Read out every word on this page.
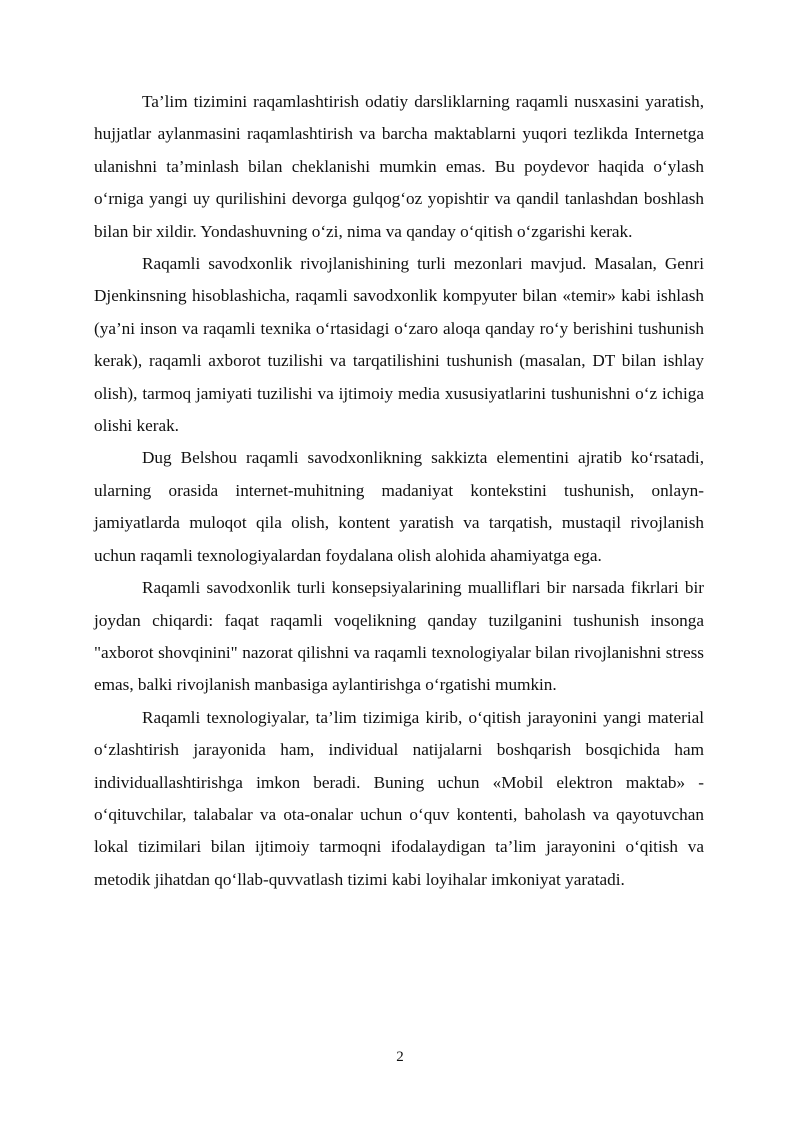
Ta’lim tizimini raqamlashtirish odatiy darsliklarning raqamli nusxasini yaratish, hujjatlar aylanmasini raqamlashtirish va barcha maktablarni yuqori tezlikda Internetga ulanishni ta’minlash bilan cheklanishi mumkin emas. Bu poydevor haqida o‘ylash o‘rniga yangi uy qurilishini devorga gulqog‘oz yopishtir va qandil tanlashdan boshlash bilan bir xildir. Yondashuvning o‘zi, nima va qanday o‘qitish o‘zgarishi kerak.

Raqamli savodxonlik rivojlanishining turli mezonlari mavjud. Masalan, Genri Djenkinsning hisoblashicha, raqamli savodxonlik kompyuter bilan «temir» kabi ishlash (ya’ni inson va raqamli texnika o‘rtasidagi o‘zaro aloqa qanday ro‘y berishini tushunish kerak), raqamli axborot tuzilishi va tarqatilishini tushunish (masalan, DT bilan ishlay olish), tarmoq jamiyati tuzilishi va ijtimoiy media xususiyatlarini tushunishni o‘z ichiga olishi kerak.

Dug Belshou raqamli savodxonlikning sakkizta elementini ajratib ko‘rsatadi, ularning orasida internet-muhitning madaniyat kontekstini tushunish, onlayn-jamiyatlarda muloqot qila olish, kontent yaratish va tarqatish, mustaqil rivojlanish uchun raqamli texnologiyalardan foydalana olish alohida ahamiyatga ega.

Raqamli savodxonlik turli konsepsiyalarining mualliflari bir narsada fikrlari bir joydan chiqardi: faqat raqamli voqelikning qanday tuzilganini tushunish insonga "axborot shovqinini" nazorat qilishni va raqamli texnologiyalar bilan rivojlanishni stress emas, balki rivojlanish manbasiga aylantirishga o‘rgatishi mumkin.

Raqamli texnologiyalar, ta’lim tizimiga kirib, o‘qitish jarayonini yangi material o‘zlashtirish jarayonida ham, individual natijalarni boshqarish bosqichida ham individuallashtirishga imkon beradi. Buning uchun «Mobil elektron maktab» - o‘qituvchilar, talabalar va ota-onalar uchun o‘quv kontenti, baholash va qayotuvchan lokal tizimilari bilan ijtimoiy tarmoqni ifodalaydigan ta’lim jarayonini o‘qitish va metodik jihatdan qo‘llab-quvvatlash tizimi kabi loyihalar imkoniyat yaratadi.

2
